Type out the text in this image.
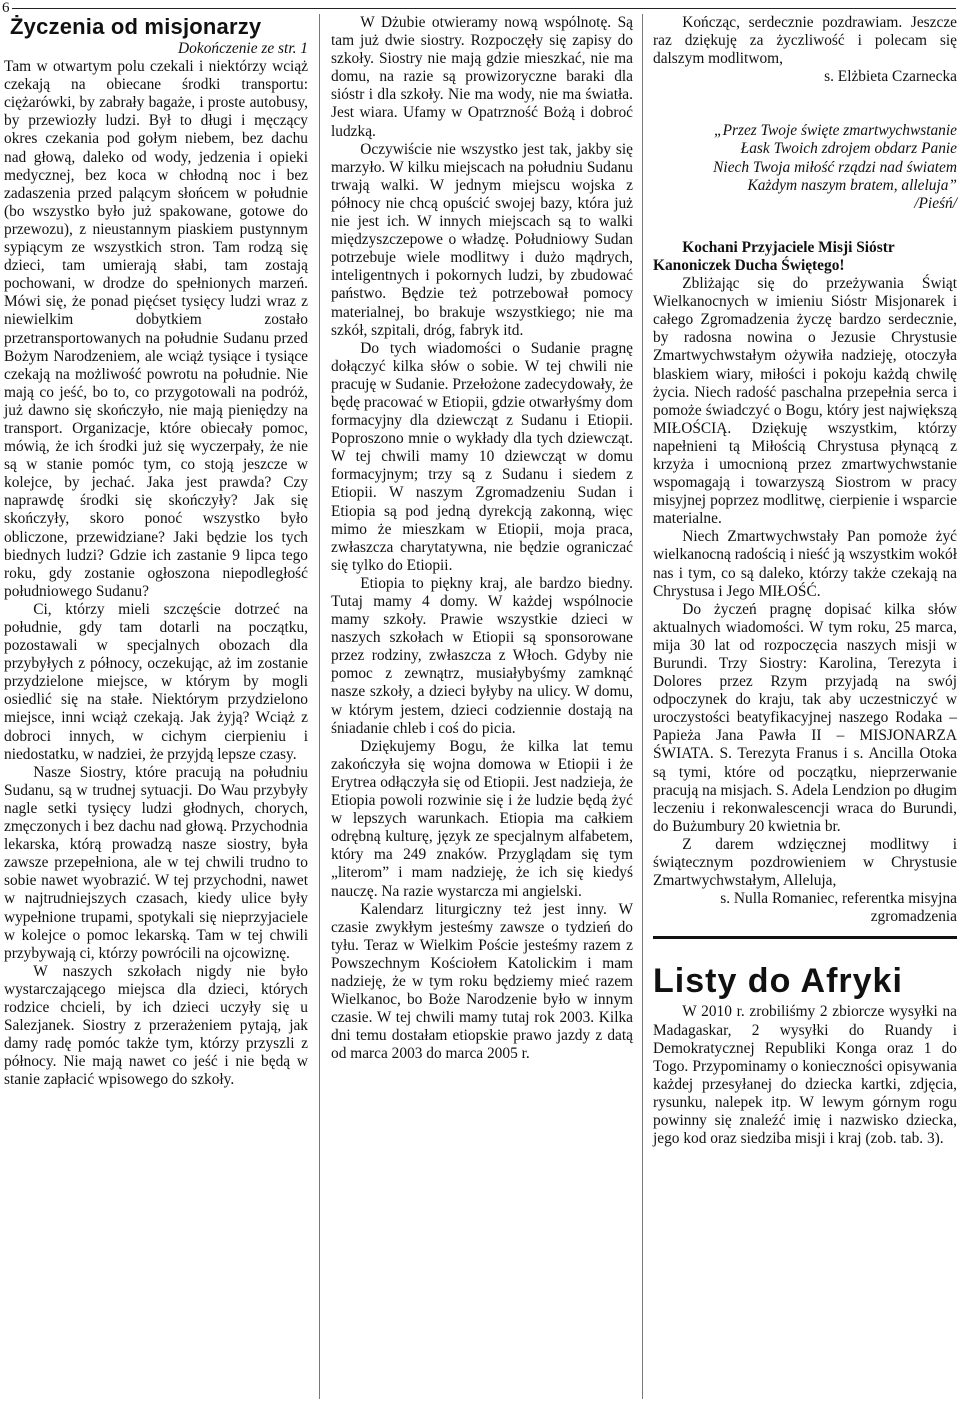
6
Życzenia od misjonarzy

Dokończenie ze str. 1

Tam w otwartym polu czekali i niektórzy wciąż czekają na obiecane środki transportu: ciężarówki, by zabrały bagaże, i proste autobusy, by przewiozły ludzi. Był to długi i męczący okres czekania pod gołym niebem, bez dachu nad głową, daleko od wody, jedzenia i opieki medycznej, bez koca w chłodną noc i bez zadaszenia przed palącym słońcem w południe (bo wszystko było już spakowane, gotowe do przewozu), z nieustannym piaskiem pustynnym sypiącym ze wszystkich stron. Tam rodzą się dzieci, tam umierają słabi, tam zostają pochowani, w drodze do spełnionych marzeń. Mówi się, że ponad pięćset tysięcy ludzi wraz z niewielkim dobytkiem zostało przetransportowanych na południe Sudanu przed Bożym Narodzeniem, ale wciąż tysiące i tysiące czekają na możliwość powrotu na południe. Nie mają co jeść, bo to, co przygotowali na podróż, już dawno się skończyło, nie mają pieniędzy na transport. Organizacje, które obiecały pomoc, mówią, że ich środki już się wyczerpały, że nie są w stanie pomóc tym, co stoją jeszcze w kolejce, by jechać. Jaka jest prawda? Czy naprawdę środki się skończyły? Jak się skończyły, skoro ponoć wszystko było obliczone, przewidziane? Jaki będzie los tych biednych ludzi? Gdzie ich zastanie 9 lipca tego roku, gdy zostanie ogłoszona niepodległość południowego Sudanu?

Ci, którzy mieli szczęście dotrzeć na południe, gdy tam dotarli na początku, pozostawali w specjalnych obozach dla przybyłych z północy, oczekując, aż im zostanie przydzielone miejsce, w którym by mogli osiedlić się na stałe. Niektórym przydzielono miejsce, inni wciąż czekają. Jak żyją? Wciąż z dobroci innych, w cichym cierpieniu i niedostatku, w nadziei, że przyjdą lepsze czasy.

Nasze Siostry, które pracują na południu Sudanu, są w trudnej sytuacji. Do Wau przybyły nagle setki tysięcy ludzi głodnych, chorych, zmęczonych i bez dachu nad głową. Przychodnia lekarska, którą prowadzą nasze siostry, była zawsze przepełniona, ale w tej chwili trudno to sobie nawet wyobrazić. W tej przychodni, nawet w najtrudniejszych czasach, kiedy ulice były wypełnione trupami, spotykali się nieprzyjaciele w kolejce o pomoc lekarską. Tam w tej chwili przybywają ci, którzy powrócili na ojcowiznę.

W naszych szkołach nigdy nie było wystarczającego miejsca dla dzieci, których rodzice chcieli, by ich dzieci uczyły się u Salezjanek. Siostry z przerażeniem pytają, jak damy radę pomóc także tym, którzy przyszli z północy. Nie mają nawet co jeść i nie będą w stanie zapłacić wpisowego do szkoły.

W Dżubie otwieramy nową wspólnotę. Są tam już dwie siostry. Rozpoczęły się zapisy do szkoły. Siostry nie mają gdzie mieszkać, nie ma domu, na razie są prowizoryczne baraki dla sióstr i dla szkoły. Nie ma wody, nie ma światła. Jest wiara. Ufamy w Opatrzność Bożą i dobroć ludzką.

Oczywiście nie wszystko jest tak, jakby się marzyło. W kilku miejscach na południu Sudanu trwają walki. W jednym miejscu wojska z północy nie chcą opuścić swojej bazy, która już nie jest ich. W innych miejscach są to walki międzyszczepowe o władzę. Południowy Sudan potrzebuje wiele modlitwy i dużo mądrych, inteligentnych i pokornych ludzi, by zbudować państwo. Będzie też potrzebował pomocy materialnej, bo brakuje wszystkiego; nie ma szkół, szpitali, dróg, fabryk itd.

Do tych wiadomości o Sudanie pragnę dołączyć kilka słów o sobie. W tej chwili nie pracuję w Sudanie. Przełożone zadecydowały, że będę pracować w Etiopii, gdzie otwarłyśmy dom formacyjny dla dziewcząt z Sudanu i Etiopii. Poproszono mnie o wykłady dla tych dziewcząt. W tej chwili mamy 10 dziewcząt w domu formacyjnym; trzy są z Sudanu i siedem z Etiopii. W naszym Zgromadzeniu Sudan i Etiopia są pod jedną dyrekcją zakonną, więc mimo że mieszkam w Etiopii, moja praca, zwłaszcza charytatywna, nie będzie ograniczać się tylko do Etiopii.

Etiopia to piękny kraj, ale bardzo biedny. Tutaj mamy 4 domy. W każdej wspólnocie mamy szkoły. Prawie wszystkie dzieci w naszych szkołach w Etiopii są sponsorowane przez rodziny, zwłaszcza z Włoch. Gdyby nie pomoc z zewnątrz, musiałybyśmy zamknąć nasze szkoły, a dzieci byłyby na ulicy. W domu, w którym jestem, dzieci codziennie dostają na śniadanie chleb i coś do picia.

Dziękujemy Bogu, że kilka lat temu zakończyła się wojna domowa w Etiopii i że Erytrea odłączyła się od Etiopii. Jest nadzieja, że Etiopia powoli rozwinie się i że ludzie będą żyć w lepszych warunkach. Etiopia ma całkiem odrębną kulturę, język ze specjalnym alfabetem, który ma 249 znaków. Przyglądam się tym „literom” i mam nadzieję, że ich się kiedyś nauczę. Na razie wystarcza mi angielski.

Kalendarz liturgiczny też jest inny. W czasie zwykłym jesteśmy zawsze o tydzień do tyłu. Teraz w Wielkim Poście jesteśmy razem z Powszechnym Kościołem Katolickim i mam nadzieję, że w tym roku będziemy mieć razem Wielkanoc, bo Boże Narodzenie było w innym czasie. W tej chwili mamy tutaj rok 2003. Kilka dni temu dostałam etiopskie prawo jazdy z datą od marca 2003 do marca 2005 r.

Kończąc, serdecznie pozdrawiam. Jeszcze raz dziękuję za życzliwość i polecam się dalszym modlitwom,

s. Elżbieta Czarnecka

„Przez Twoje święte zmartwychwstanie
Łask Twoich zdrojem obdarz Panie
Niech Twoja miłość rządzi nad światem
Każdym naszym bratem, alleluja”
/Pieśń/

Kochani Przyjaciele Misji Sióstr Kanoniczek Ducha Świętego!

Zbliżając się do przeżywania Świąt Wielkanocnych w imieniu Sióstr Misjonarek i całego Zgromadzenia życzę bardzo serdecznie, by radosna nowina o Jezusie Chrystusie Zmartwychwstałym ożywiła nadzieję, otoczyła blaskiem wiary, miłości i pokoju każdą chwilę życia. Niech radość paschalna przepełnia serca i pomoże świadczyć o Bogu, który jest największą MIŁOŚCIĄ. Dziękuję wszystkim, którzy napełnieni tą Miłością Chrystusa płynącą z krzyża i umocnioną przez zmartwychwstanie wspomagają i towarzyszą Siostrom w pracy misyjnej poprzez modlitwę, cierpienie i wsparcie materialne.

Niech Zmartwychwstały Pan pomoże żyć wielkanocną radością i nieść ją wszystkim wokół nas i tym, co są daleko, którzy także czekają na Chrystusa i Jego MIŁOŚĆ.

Do życzeń pragnę dopisać kilka słów aktualnych wiadomości. W tym roku, 25 marca, mija 30 lat od rozpoczęcia naszych misji w Burundi. Trzy Siostry: Karolina, Terezyta i Dolores przez Rzym przyjadą na swój odpoczynek do kraju, tak aby uczestniczyć w uroczystości beatyfikacyjnej naszego Rodaka – Papieża Jana Pawła II – MISJONARZA ŚWIATA. S. Terezyta Franus i s. Ancilla Otoka są tymi, które od początku, nieprzerwanie pracują na misjach. S. Adela Lendzion po długim leczeniu i rekonwalescencji wraca do Burundi, do Bużumbury 20 kwietnia br.

Z darem wdzięcznej modlitwy i świątecznym pozdrowieniem w Chrystusie Zmartwychwstałym, Alleluja,

s. Nulla Romaniec, referentka misyjna zgromadzenia

Listy do Afryki

W 2010 r. zrobiliśmy 2 zbiorcze wysyłki na Madagaskar, 2 wysyłki do Ruandy i Demokratycznej Republiki Konga oraz 1 do Togo. Przypominamy o konieczności opisywania każdej przesyłanej do dziecka kartki, zdjęcia, rysunku, nalepek itp. W lewym górnym rogu powinny się znaleźć imię i nazwisko dziecka, jego kod oraz siedziba misji i kraj (zob. tab. 3).
